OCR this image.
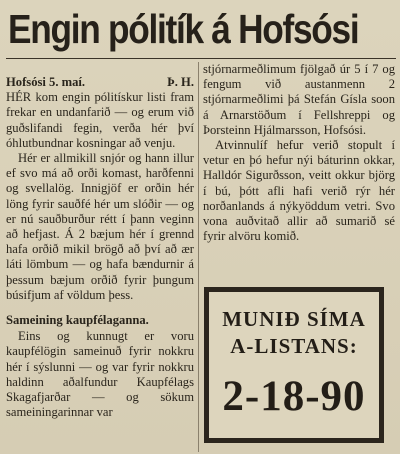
Engin pólitík á Hofsósi
Hofsósi 5. maí.	Þ. H.

HÉR kom engin pólitískur listi fram frekar en undanfarið — og erum við guðslifandi fegin, verða hér því óhlutbundnar kosningar að venju.

Hér er allmikill snjór og hann illur ef svo má að orði komast, harðfenni og svellalög. Innigjöf er orðin hér löng fyrir sauðfé hér um slóðir — og er nú sauðburður rétt í þann veginn að hefjast. Á 2 bæjum hér í grennd hafa orðið mikil brögð að því að ær láti lömbum — og hafa bændurnir á þessum bæjum orðið fyrir þungum búsifjum af völdum þess.

Sameining kaupfélaganna.

Eins og kunnugt er voru kaupfélögin sameinuð fyrir nokkru hér í sýslunni — og var fyrir nokkru haldinn aðalfundur Kaupfélags Skagafjarðar — og sökum sameiningarinnar var

stjórnarmeðlimum fjölgað úr 5 í 7 og fengum við austanmenn 2 stjórnarmeðlimi þá Stefán Gísla soon á Arnarstöðum í Fellshreppi og Þorsteinn Hjálmarsson, Hofsósi.

Atvinnulíf hefur verið stopult í vetur en þó hefur nýi báturinn okkar, Halldór Sigurðsson, veitt okkur björg í bú, þótt afli hafi verið rýr hér norðanlands á nýkyöddum vetri. Svo vona auðvitað allir að sumarið sé fyrir alvöru komið.

MUNIÐ SÍMA
A-LISTANS:
2-18-90
